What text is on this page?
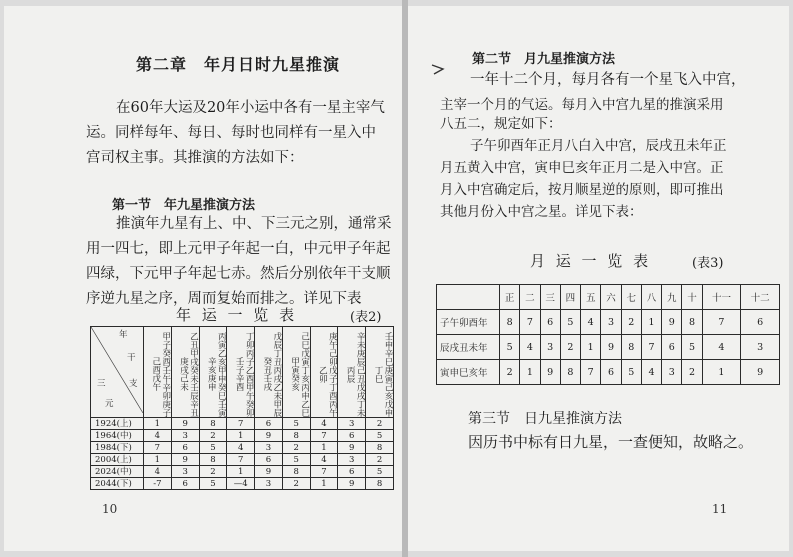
第二章　年月日时九星推演
在60年大运及20年小运中各有一星主宰气
运。同样每年、每日、每时也同样有一星入中
宫司权主事。其推演的方法如下：
第一节　年九星推演方法
推演年九星有上、中、下三元之别，通常采
用一四七，即上元甲子年起一白，中元甲子年起
四绿，下元甲子年起七赤。然后分别依年干支顺
序逆九星之序，周而复始而排之。详见下表
年 运 一 览 表	(表2)
年
干
支
三
元	甲子癸酉壬午辛卯庚子己酉戊午	乙丑甲戌癸未壬辰辛丑庚戌己未	丙寅乙亥甲申癸巳壬寅辛亥庚申	丁卯丙子乙酉甲午癸卯壬子辛酉	戊辰丁丑丙戌乙未甲辰癸丑壬戌	己巳戊寅丁亥丙申乙巳甲寅癸亥	庚午己卯戊子丁酉丙午乙卯	辛未庚辰己丑戊戌丁未丙辰	壬申辛巳庚寅己亥戊申丁巳
1924(上)	1	9	8	7	6	5	4	3	2
1964(中)	4	3	2	1	9	8	7	6	5
1984(下)	7	6	5	4	3	2	1	9	8
2004(上)	1	9	8	7	6	5	4	3	2
2024(中)	4	3	2	1	9	8	7	6	5
2044(下)	-7	6	5	—4	3	2	1	9	8
10
第二节　月九星推演方法
一年十二个月，每月各有一个星飞入中宫，
主宰一个月的气运。每月入中宫九星的推演采用
八五二，规定如下：
子午卯酉年正月八白入中宫，辰戌丑未年正
月五黄入中宫，寅申巳亥年正月二是入中宫。正
月入中宫确定后，按月顺星逆的原则，即可推出
其他月份入中宫之星。详见下表：
月 运 一 览 表	(表3)
	正	二	三	四	五	六	七	八	九	十	十一	十二
子午卯酉年	8	7	6	5	4	3	2	1	9	8	7	6
辰戌丑未年	5	4	3	2	1	9	8	7	6	5	4	3
寅申巳亥年	2	1	9	8	7	6	5	4	3	2	1	9
第三节　日九星推演方法
因历书中标有日九星，一查便知，故略之。
11
